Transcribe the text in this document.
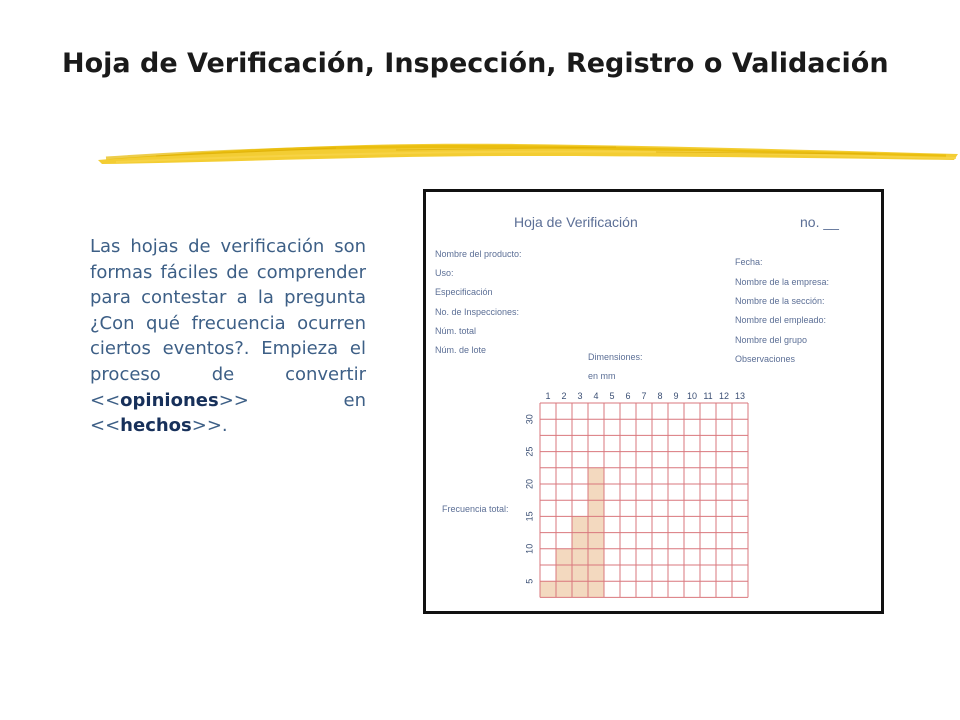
Hoja de Verificación, Inspección, Registro o Validación

Las hojas de verificación son formas fáciles de comprender para contestar a la pregunta ¿Con qué frecuencia ocurren ciertos eventos?. Empieza el proceso de convertir <<opiniones>> en <<hechos>>.

Hoja de Verificación	no. __
Nombre del producto:
Uso:
Especificación
No. de Inspecciones:
Núm. total
Núm. de lote
Fecha:
Nombre de la empresa:
Nombre de la sección:
Nombre del empleado:
Nombre del grupo
Observaciones
Dimensiones:
en mm
Frecuencia total:
1 2 3 4 5 6 7 8 9 10 11 12 13
5
10
15
20
25
30
